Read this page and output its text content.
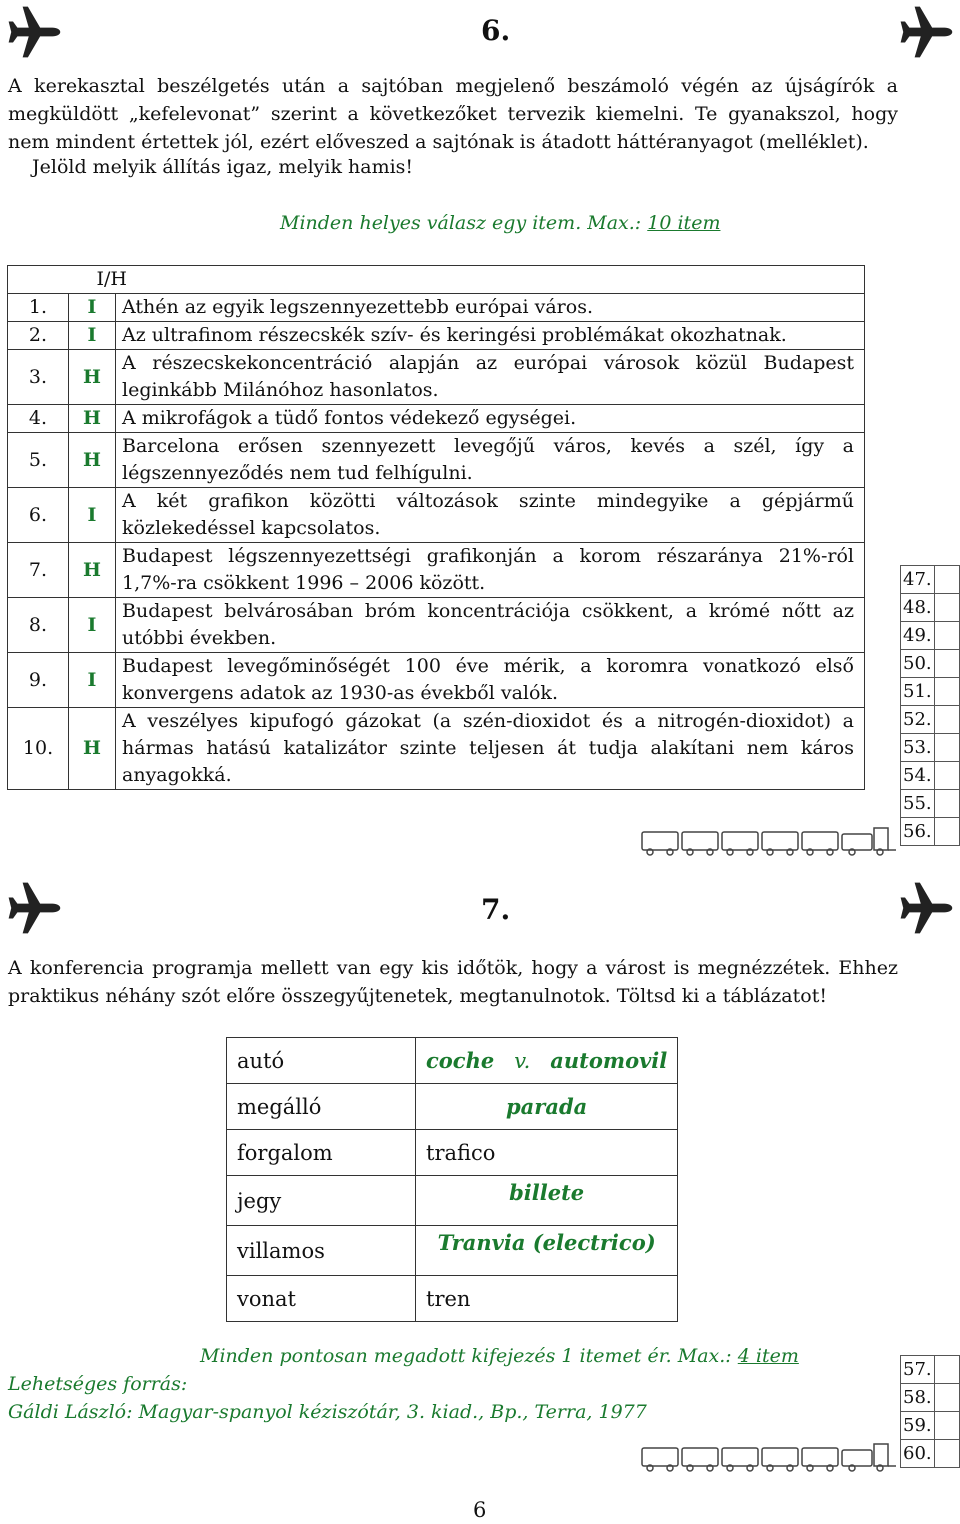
6.
A kerekasztal beszélgetés után a sajtóban megjelenő beszámoló végén az újságírók a megküldött „kefelevonat” szerint a következőket tervezik kiemelni. Te gyanakszol, hogy nem mindent értettek jól, ezért előveszed a sajtónak is átadott háttéranyagot (melléklet).
Jelöld melyik állítás igaz, melyik hamis!
Minden helyes válasz egy item. Max.: 10 item
	I/H	
1.	I	Athén az egyik legszennyezettebb európai város.
2.	I	Az ultrafinom részecskék szív- és keringési problémákat okozhatnak.
3.	H	A részecskekoncentráció alapján az európai városok közül Budapest leginkább Milánóhoz hasonlatos.
4.	H	A mikrofágok a tüdő fontos védekező egységei.
5.	H	Barcelona erősen szennyezett levegőjű város, kevés a szél, így a légszennyeződés nem tud felhígulni.
6.	I	A két grafikon közötti változások szinte mindegyike a gépjármű közlekedéssel kapcsolatos.
7.	H	Budapest légszennyezettségi grafikonján a korom részaránya 21%-ról 1,7%-ra csökkent 1996 – 2006 között.
8.	I	Budapest belvárosában bróm koncentrációja csökkent, a krómé nőtt az utóbbi években.
9.	I	Budapest levegőminőségét 100 éve mérik, a koromra vonatkozó első konvergens adatok az 1930-as évekből valók.
10.	H	A veszélyes kipufogó gázokat (a szén-dioxidot és a nitrogén-dioxidot) a hármas hatású katalizátor szinte teljesen át tudja alakítani nem káros anyagokká.
47.	
48.	
49.	
50.	
51.	
52.	
53.	
54.	
55.	
56.	
7.
A konferencia programja mellett van egy kis időtök, hogy a várost is megnézzétek. Ehhez praktikus néhány szót előre összegyűjtenetek, megtanulnotok. Töltsd ki a táblázatot!
autó	coche v. automovil
megálló	parada
forgalom	trafico
jegy	billete
villamos	Tranvia (electrico)
vonat	tren
Minden pontosan megadott kifejezés 1 itemet ér. Max.: 4 item
Lehetséges forrás:
Gáldi László: Magyar-spanyol kéziszótár, 3. kiad., Bp., Terra, 1977
57.	
58.	
59.	
60.	
6
